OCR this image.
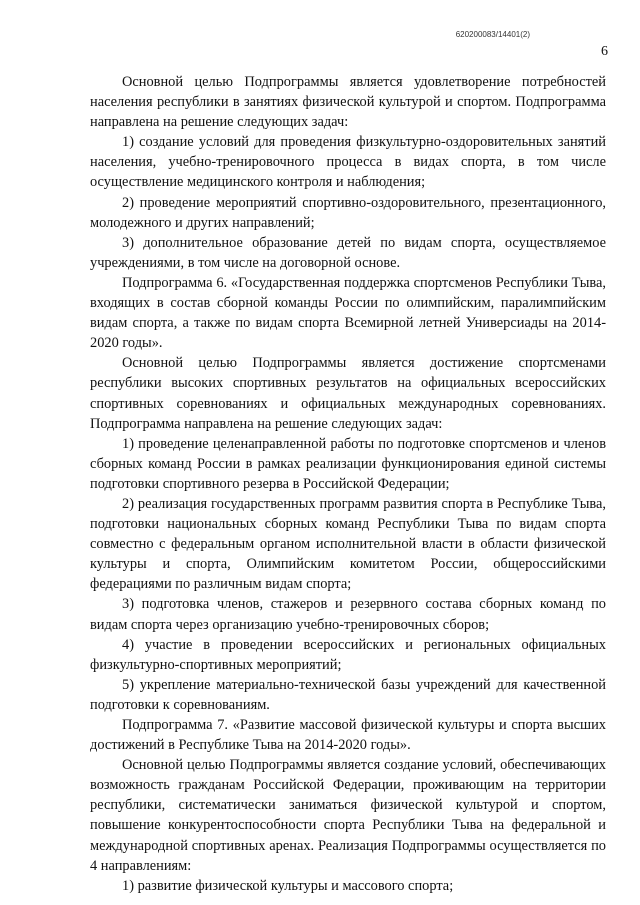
620200083/14401(2)
6

Основной целью Подпрограммы является удовлетворение потребностей населения республики в занятиях физической культурой и спортом. Подпрограмма направлена на решение следующих задач:

1) создание условий для проведения физкультурно-оздоровительных занятий населения, учебно-тренировочного процесса в видах спорта, в том числе осуществление медицинского контроля и наблюдения;

2) проведение мероприятий спортивно-оздоровительного, презентационного, молодежного и других направлений;

3) дополнительное образование детей по видам спорта, осуществляемое учреждениями, в том числе на договорной основе.

Подпрограмма 6. «Государственная поддержка спортсменов Республики Тыва, входящих в состав сборной команды России по олимпийским, паралимпийским видам спорта, а также по видам спорта Всемирной летней Универсиады на 2014-2020 годы».

Основной целью Подпрограммы является достижение спортсменами республики высоких спортивных результатов на официальных всероссийских спортивных соревнованиях и официальных международных соревнованиях. Подпрограмма направлена на решение следующих задач:

1) проведение целенаправленной работы по подготовке спортсменов и членов сборных команд России в рамках реализации функционирования единой системы подготовки спортивного резерва в Российской Федерации;

2) реализация государственных программ развития спорта в Республике Тыва, подготовки национальных сборных команд Республики Тыва по видам спорта совместно с федеральным органом исполнительной власти в области физической культуры и спорта, Олимпийским комитетом России, общероссийскими федерациями по различным видам спорта;

3) подготовка членов, стажеров и резервного состава сборных команд по видам спорта через организацию учебно-тренировочных сборов;

4) участие в проведении всероссийских и региональных официальных физкультурно-спортивных мероприятий;

5) укрепление материально-технической базы учреждений для качественной подготовки к соревнованиям.

Подпрограмма 7. «Развитие массовой физической культуры и спорта высших достижений в Республике Тыва на 2014-2020 годы».

Основной целью Подпрограммы является создание условий, обеспечивающих возможность гражданам Российской Федерации, проживающим на территории республики, систематически заниматься физической культурой и спортом, повышение конкурентоспособности спорта Республики Тыва на федеральной и международной спортивных аренах. Реализация Подпрограммы осуществляется по 4 направлениям:

1) развитие физической культуры и массового спорта;
